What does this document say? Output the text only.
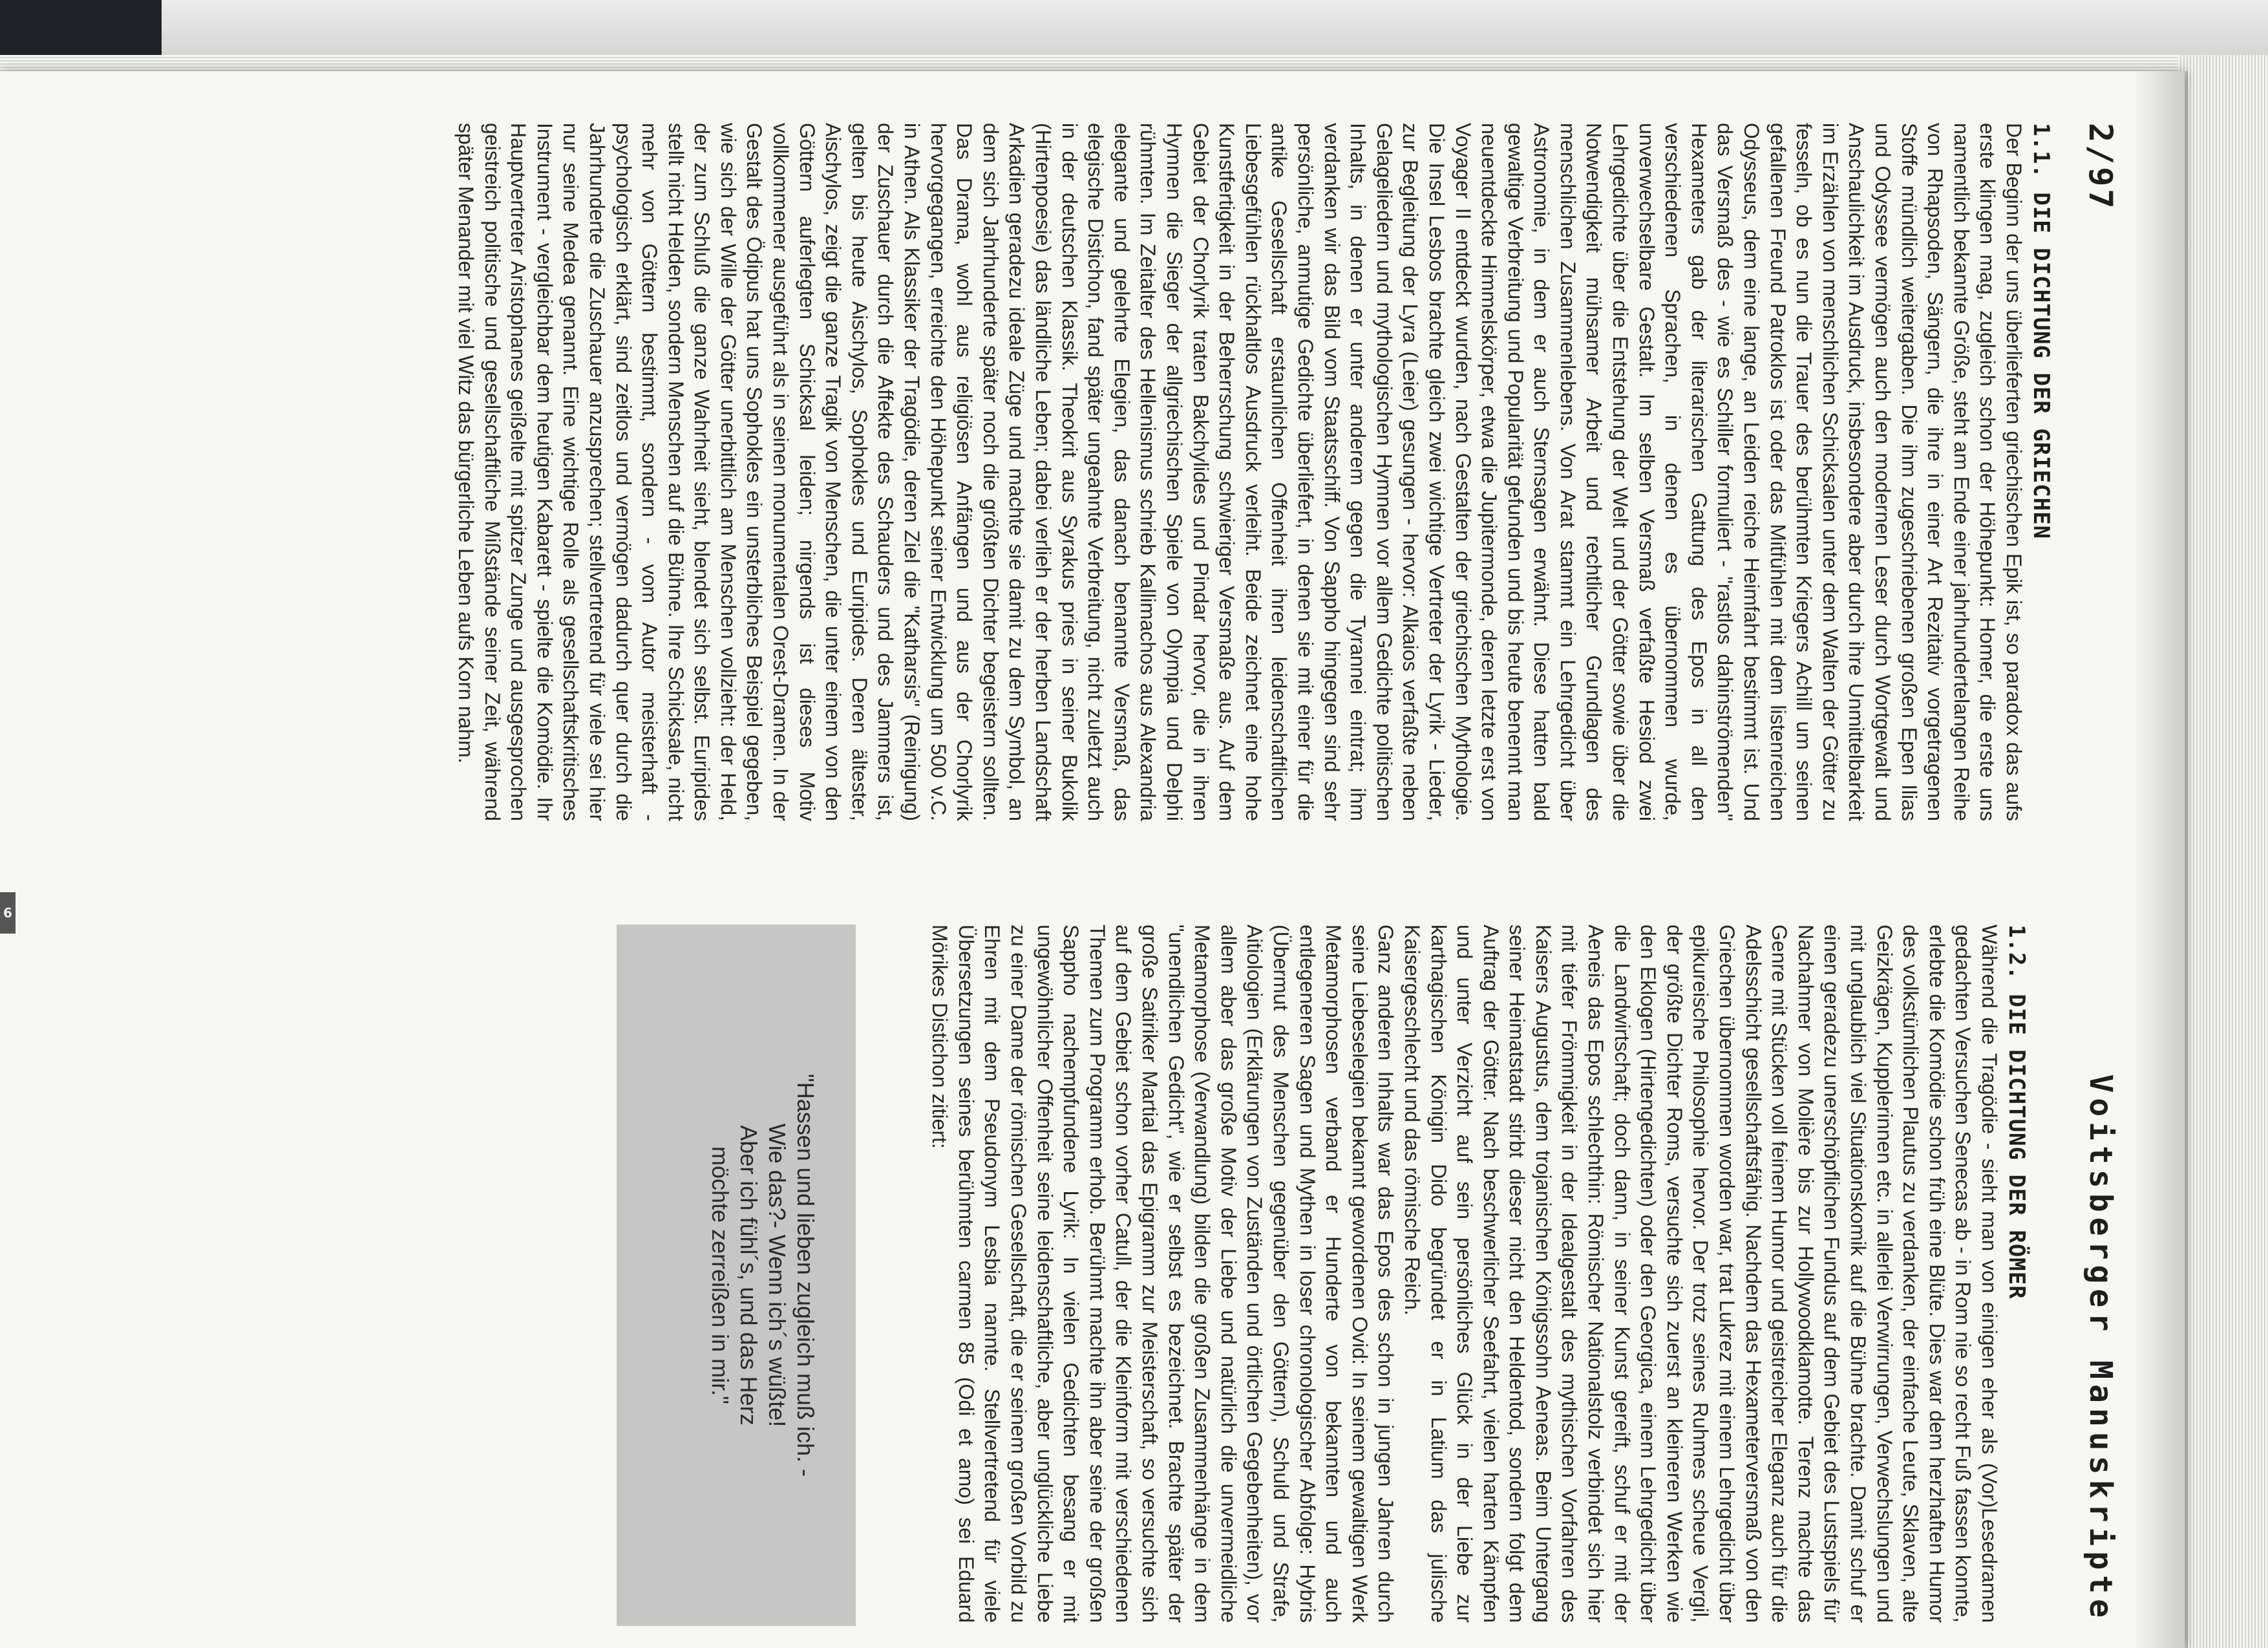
6
2/97
Voitsberger Manuskripte
1.1. DIE DICHTUNG DER GRIECHEN

Der Beginn der uns überlieferten griechischen Epik ist, so paradox das aufs erste klingen mag, zugleich schon der Höhepunkt: Homer, die erste uns namentlich bekannte Größe, steht am Ende einer jahrhundertelangen Reihe von Rhapsoden, Sängern, die ihre in einer Art Rezitativ vorgetragenen Stoffe mündlich weitergaben. Die ihm zugeschriebenen großen Epen Ilias und Odyssee vermögen auch den modernen Leser durch Wortgewalt und Anschaulichkeit im Ausdruck, insbesondere aber durch ihre Unmittelbarkeit im Erzählen von menschlichen Schicksalen unter dem Walten der Götter zu fesseln, ob es nun die Trauer des berühmten Kriegers Achill um seinen gefallenen Freund Patroklos ist oder das Mitfühlen mit dem listenreichen Odysseus, dem eine lange, an Leiden reiche Heimfahrt bestimmt ist. Und das Versmaß des - wie es Schiller formuliert - "rastlos dahinströmenden" Hexameters gab der literarischen Gattung des Epos in all den verschiedenen Sprachen, in denen es übernommen wurde, unverwechselbare Gestalt. Im selben Versmaß verfaßte Hesiod zwei Lehrgedichte über die Entstehung der Welt und der Götter sowie über die Notwendigkeit mühsamer Arbeit und rechtlicher Grundlagen des menschlichen Zusammenlebens. Von Arat stammt ein Lehrgedicht über Astronomie, in dem er auch Sternsagen erwähnt. Diese hatten bald gewaltige Verbreitung und Popularität gefunden und bis heute benennt man neuentdeckte Himmelskörper, etwa die Jupitermonde, deren letzte erst von Voyager II entdeckt wurden, nach Gestalten der griechischen Mythologie. Die Insel Lesbos brachte gleich zwei wichtige Vertreter der Lyrik - Lieder, zur Begleitung der Lyra (Leier) gesungen - hervor: Alkaios verfaßte neben Gelageliedern und mythologischen Hymnen vor allem Gedichte politischen Inhalts, in denen er unter anderem gegen die Tyrannei eintrat; ihm verdanken wir das Bild vom Staatsschiff. Von Sappho hingegen sind sehr persönliche, anmutige Gedichte überliefert, in denen sie mit einer für die antike Gesellschaft erstaunlichen Offenheit ihren leidenschaftlichen Liebesgefühlen rückhaltlos Ausdruck verleiht. Beide zeichnet eine hohe Kunstfertigkeit in der Beherrschung schwieriger Versmaße aus. Auf dem Gebiet der Chorlyrik traten Bakchylides und Pindar hervor, die in ihren Hymnen die Sieger der allgriechischen Spiele von Olympia und Delphi rühmten. Im Zeitalter des Hellenismus schrieb Kallimachos aus Alexandria elegante und gelehrte Elegien, das danach benannte Versmaß, das elegische Distichon, fand später ungeahnte Verbreitung, nicht zuletzt auch in der deutschen Klassik. Theokrit aus Syrakus pries in seiner Bukolik (Hirtenpoesie) das ländliche Leben; dabei verlieh er der herben Landschaft Arkadien geradezu ideale Züge und machte sie damit zu dem Symbol, an dem sich Jahrhunderte später noch die größten Dichter begeistern sollten. Das Drama, wohl aus religiösen Anfängen und aus der Chorlyrik hervorgegangen, erreichte den Höhepunkt seiner Entwicklung um 500 v.C. in Athen. Als Klassiker der Tragödie, deren Ziel die "Katharsis" (Reinigung) der Zuschauer durch die Affekte des Schauders und des Jammers ist, gelten bis heute Aischylos, Sophokles und Euripides. Deren ältester, Aischylos, zeigt die ganze Tragik von Menschen, die unter einem von den Göttern auferlegten Schicksal leiden; nirgends ist dieses Motiv vollkommener ausgeführt als in seinen monumentalen Orest-Dramen. In der Gestalt des Ödipus hat uns Sophokles ein unsterbliches Beispiel gegeben, wie sich der Wille der Götter unerbittlich am Menschen vollzieht: der Held, der zum Schluß die ganze Wahrheit sieht, blendet sich selbst. Euripides stellt nicht Helden, sondern Menschen auf die Bühne. Ihre Schicksale, nicht mehr von Göttern bestimmt, sondern - vom Autor meisterhaft - psychologisch erklärt, sind zeitlos und vermögen dadurch quer durch die Jahrhunderte die Zuschauer anzusprechen; stellvertretend für viele sei hier nur seine Medea genannt. Eine wichtige Rolle als gesellschaftskritisches Instrument - vergleichbar dem heutigen Kabarett - spielte die Komödie. Ihr Hauptvertreter Aristophanes geißelte mit spitzer Zunge und ausgesprochen geistreich politische und gesellschaftliche Mißstände seiner Zeit, während später Menander mit viel Witz das bürgerliche Leben aufs Korn nahm.

1.2. DIE DICHTUNG DER RÖMER

Während die Tragödie - sieht man von einigen eher als (Vor)Lesedramen gedachten Versuchen Senecas ab - in Rom nie so recht Fuß fassen konnte, erlebte die Komödie schon früh eine Blüte. Dies war dem herzhaften Humor des volkstümlichen Plautus zu verdanken, der einfache Leute, Sklaven, alte Geizkrägen, Kupplerinnen etc. in allerlei Verwirrungen, Verwechslungen und mit unglaublich viel Situationskomik auf die Bühne brachte. Damit schuf er einen geradezu unerschöpflichen Fundus auf dem Gebiet des Lustspiels für Nachahmer von Molière bis zur Hollywoodklamotte. Terenz machte das Genre mit Stücken voll feinem Humor und geistreicher Eleganz auch für die Adelsschicht gesellschaftsfähig. Nachdem das Hexameterversmaß von den Griechen übernommen worden war, trat Lukrez mit einem Lehrgedicht über epikureische Philosophie hervor. Der trotz seines Ruhmes scheue Vergil, der größte Dichter Roms, versuchte sich zuerst an kleineren Werken wie den Eklogen (Hirtengedichten) oder den Georgica, einem Lehrgedicht über die Landwirtschaft; doch dann, in seiner Kunst gereift, schuf er mit der Aeneis das Epos schlechthin: Römischer Nationalstolz verbindet sich hier mit tiefer Frömmigkeit in der Idealgestalt des mythischen Vorfahren des Kaisers Augustus, dem trojanischen Königssohn Aeneas. Beim Untergang seiner Heimatstadt stirbt dieser nicht den Heldentod, sondern folgt dem Auftrag der Götter. Nach beschwerlicher Seefahrt, vielen harten Kämpfen und unter Verzicht auf sein persönliches Glück in der Liebe zur karthagischen Königin Dido begründet er in Latium das julische Kaisergeschlecht und das römische Reich.

Ganz anderen Inhalts war das Epos des schon in jungen Jahren durch seine Liebeselegien bekannt gewordenen Ovid: In seinem gewaltigen Werk Metamorphosen verband er Hunderte von bekannten und auch entlegeneren Sagen und Mythen in loser chronologischer Abfolge: Hybris (Übermut des Menschen gegenüber den Göttern), Schuld und Strafe, Aitiologien (Erklärungen von Zuständen und örtlichen Gegebenheiten), vor allem aber das große Motiv der Liebe und natürlich die unvermeidliche Metamorphose (Verwandlung) bilden die großen Zusammenhänge in dem "unendlichen Gedicht", wie er selbst es bezeichnet. Brachte später der große Satiriker Martial das Epigramm zur Meisterschaft, so versuchte sich auf dem Gebiet schon vorher Catull, der die Kleinform mit verschiedenen Themen zum Programm erhob. Berühmt machte ihn aber seine der großen Sappho nachempfundene Lyrik: In vielen Gedichten besang er mit ungewöhnlicher Offenheit seine leidenschaftliche, aber unglückliche Liebe zu einer Dame der römischen Gesellschaft, die er seinem großen Vorbild zu Ehren mit dem Pseudonym Lesbia nannte. Stellvertretend für viele Übersetzungen seines berühmten carmen 85 (Odi et amo) sei Eduard Mörikes Distichon zitiert:

"Hassen und lieben zugleich muß ich. -
Wie das?- Wenn ich´s wüßte!
Aber ich fühl´s, und das Herz
möchte zerreißen in mir."
